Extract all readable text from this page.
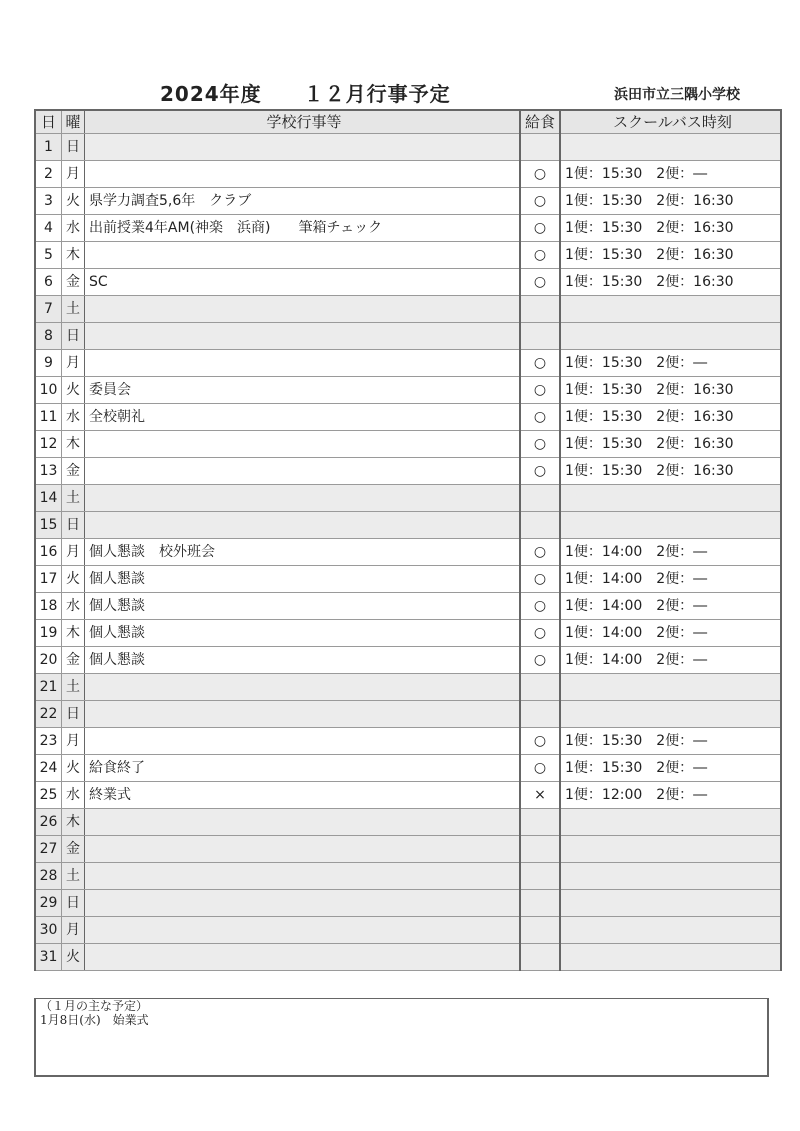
2024年度　　１２月行事予定	浜田市立三隅小学校
日	曜	学校行事等	給食	スクールバス時刻
1	日			
2	月		○	1便：15:30　2便：―
3	火	県学力調査5,6年　クラブ	○	1便：15:30　2便：16:30
4	水	出前授業4年AM(神楽　浜商)　　筆箱チェック	○	1便：15:30　2便：16:30
5	木		○	1便：15:30　2便：16:30
6	金	SC	○	1便：15:30　2便：16:30
7	土			
8	日			
9	月		○	1便：15:30　2便：―
10	火	委員会	○	1便：15:30　2便：16:30
11	水	全校朝礼	○	1便：15:30　2便：16:30
12	木		○	1便：15:30　2便：16:30
13	金		○	1便：15:30　2便：16:30
14	土			
15	日			
16	月	個人懇談　校外班会	○	1便：14:00　2便：―
17	火	個人懇談	○	1便：14:00　2便：―
18	水	個人懇談	○	1便：14:00　2便：―
19	木	個人懇談	○	1便：14:00　2便：―
20	金	個人懇談	○	1便：14:00　2便：―
21	土			
22	日			
23	月		○	1便：15:30　2便：―
24	火	給食終了	○	1便：15:30　2便：―
25	水	終業式	×	1便：12:00　2便：―
26	木			
27	金			
28	土			
29	日			
30	月			
31	火			
（１月の主な予定）
1月8日(水)　始業式
